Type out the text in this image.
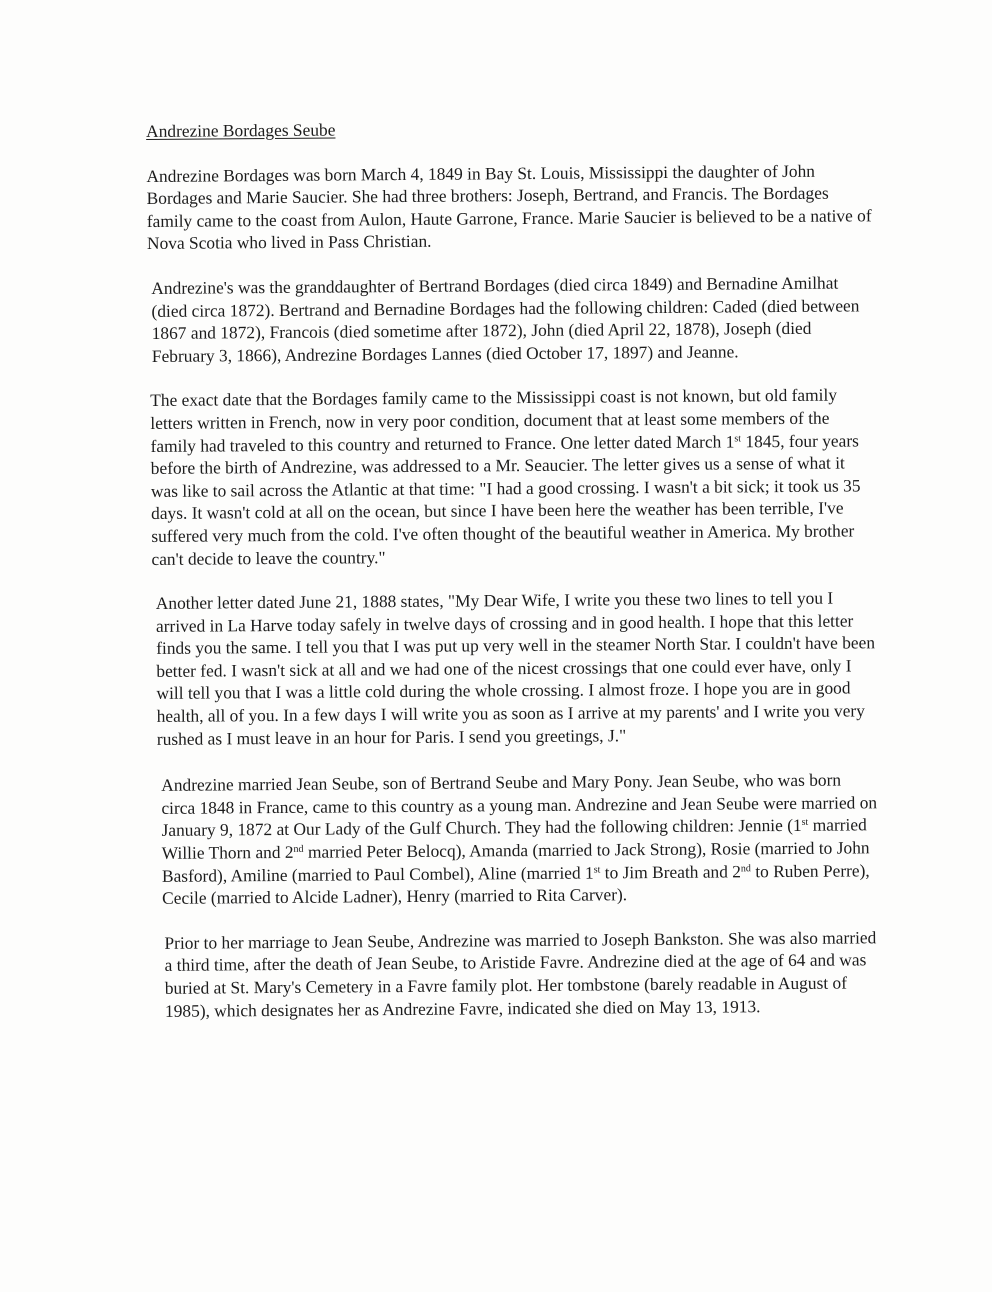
Andrezine Bordages Seube

Andrezine Bordages was born March 4, 1849 in Bay St. Louis, Mississippi the daughter of John Bordages and Marie Saucier. She had three brothers: Joseph, Bertrand, and Francis. The Bordages family came to the coast from Aulon, Haute Garrone, France. Marie Saucier is believed to be a native of Nova Scotia who lived in Pass Christian.

Andrezine's was the granddaughter of Bertrand Bordages (died circa 1849) and Bernadine Amilhat (died circa 1872). Bertrand and Bernadine Bordages had the following children: Caded (died between 1867 and 1872), Francois (died sometime after 1872), John (died April 22, 1878), Joseph (died February 3, 1866), Andrezine Bordages Lannes (died October 17, 1897) and Jeanne.

The exact date that the Bordages family came to the Mississippi coast is not known, but old family letters written in French, now in very poor condition, document that at least some members of the family had traveled to this country and returned to France. One letter dated March 1st 1845, four years before the birth of Andrezine, was addressed to a Mr. Seaucier. The letter gives us a sense of what it was like to sail across the Atlantic at that time: "I had a good crossing. I wasn't a bit sick; it took us 35 days. It wasn't cold at all on the ocean, but since I have been here the weather has been terrible, I've suffered very much from the cold. I've often thought of the beautiful weather in America. My brother can't decide to leave the country."

Another letter dated June 21, 1888 states, "My Dear Wife, I write you these two lines to tell you I arrived in La Harve today safely in twelve days of crossing and in good health. I hope that this letter finds you the same. I tell you that I was put up very well in the steamer North Star. I couldn't have been better fed. I wasn't sick at all and we had one of the nicest crossings that one could ever have, only I will tell you that I was a little cold during the whole crossing. I almost froze. I hope you are in good health, all of you. In a few days I will write you as soon as I arrive at my parents' and I write you very rushed as I must leave in an hour for Paris. I send you greetings, J."

Andrezine married Jean Seube, son of Bertrand Seube and Mary Pony. Jean Seube, who was born circa 1848 in France, came to this country as a young man. Andrezine and Jean Seube were married on January 9, 1872 at Our Lady of the Gulf Church. They had the following children: Jennie (1st married Willie Thorn and 2nd married Peter Belocq), Amanda (married to Jack Strong), Rosie (married to John Basford), Amiline (married to Paul Combel), Aline (married 1st to Jim Breath and 2nd to Ruben Perre), Cecile (married to Alcide Ladner), Henry (married to Rita Carver).

Prior to her marriage to Jean Seube, Andrezine was married to Joseph Bankston. She was also married a third time, after the death of Jean Seube, to Aristide Favre. Andrezine died at the age of 64 and was buried at St. Mary's Cemetery in a Favre family plot. Her tombstone (barely readable in August of 1985), which designates her as Andrezine Favre, indicated she died on May 13, 1913.
